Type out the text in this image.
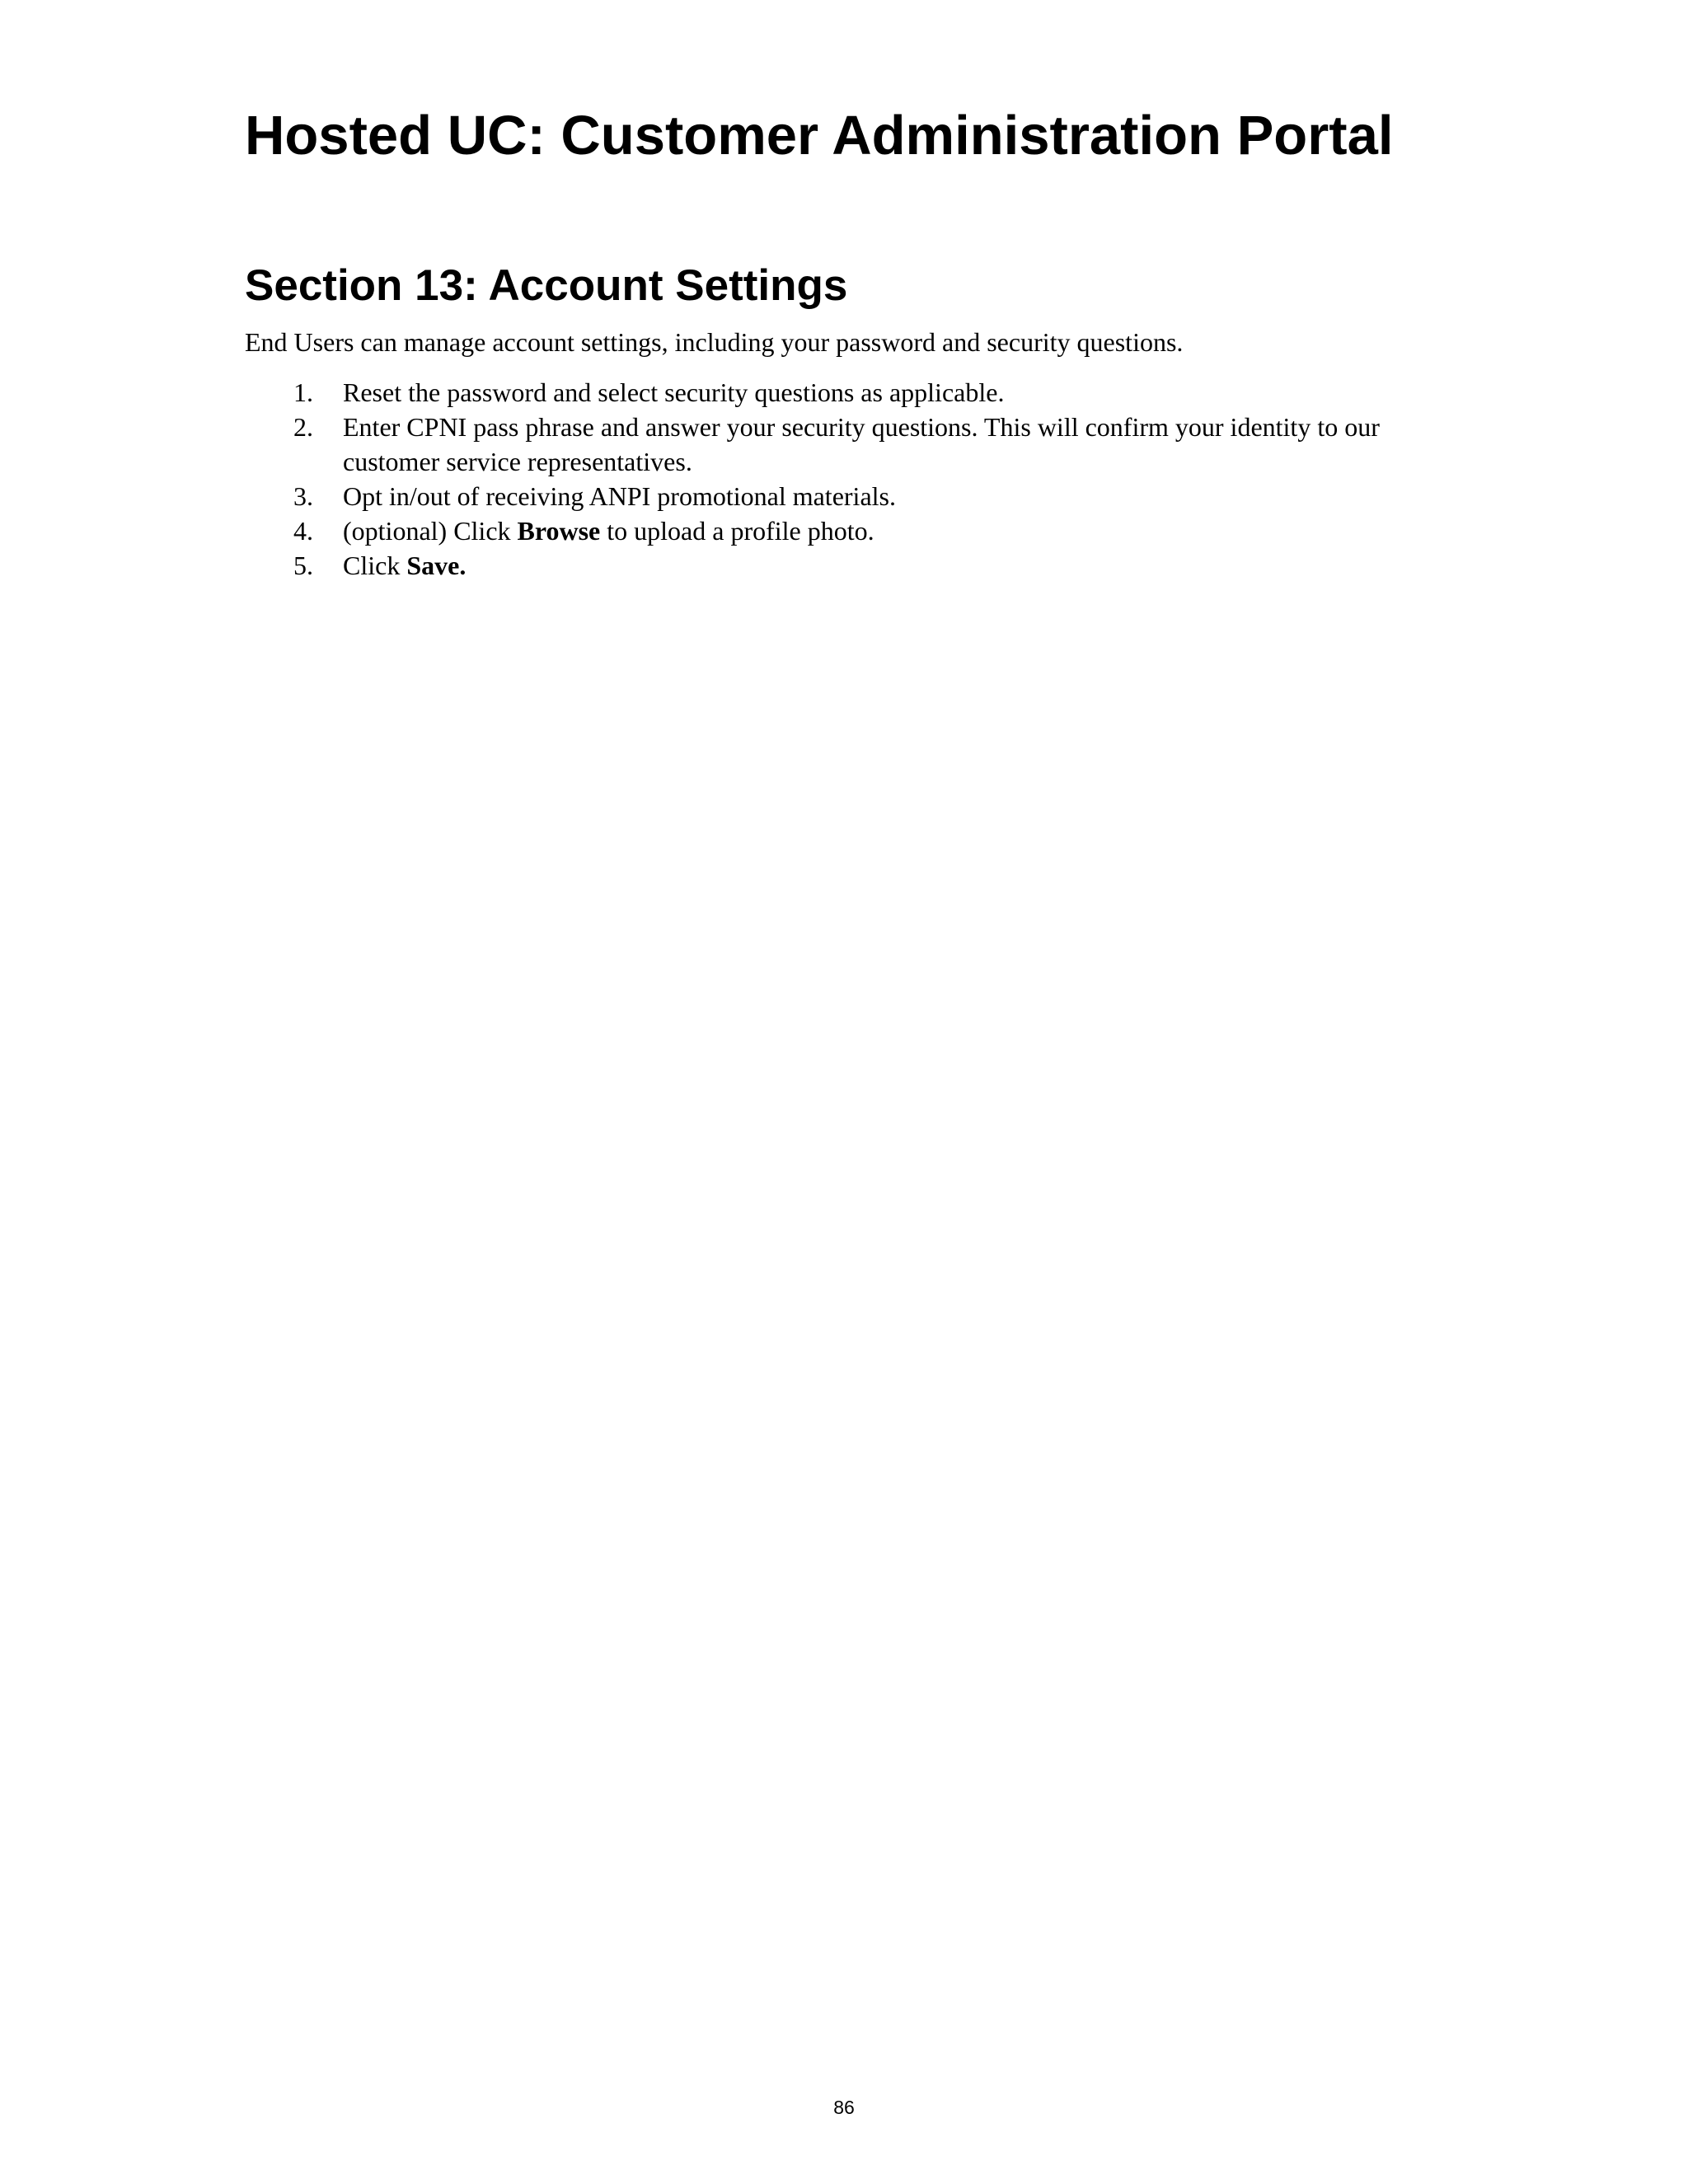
Hosted UC: Customer Administration Portal
Section 13: Account Settings

End Users can manage account settings, including your password and security questions.

1.	Reset the password and select security questions as applicable.
2.	Enter CPNI pass phrase and answer your security questions. This will confirm your identity to our customer service representatives.
3.	Opt in/out of receiving ANPI promotional materials.
4.	(optional) Click Browse to upload a profile photo.
5.	Click Save.

86
